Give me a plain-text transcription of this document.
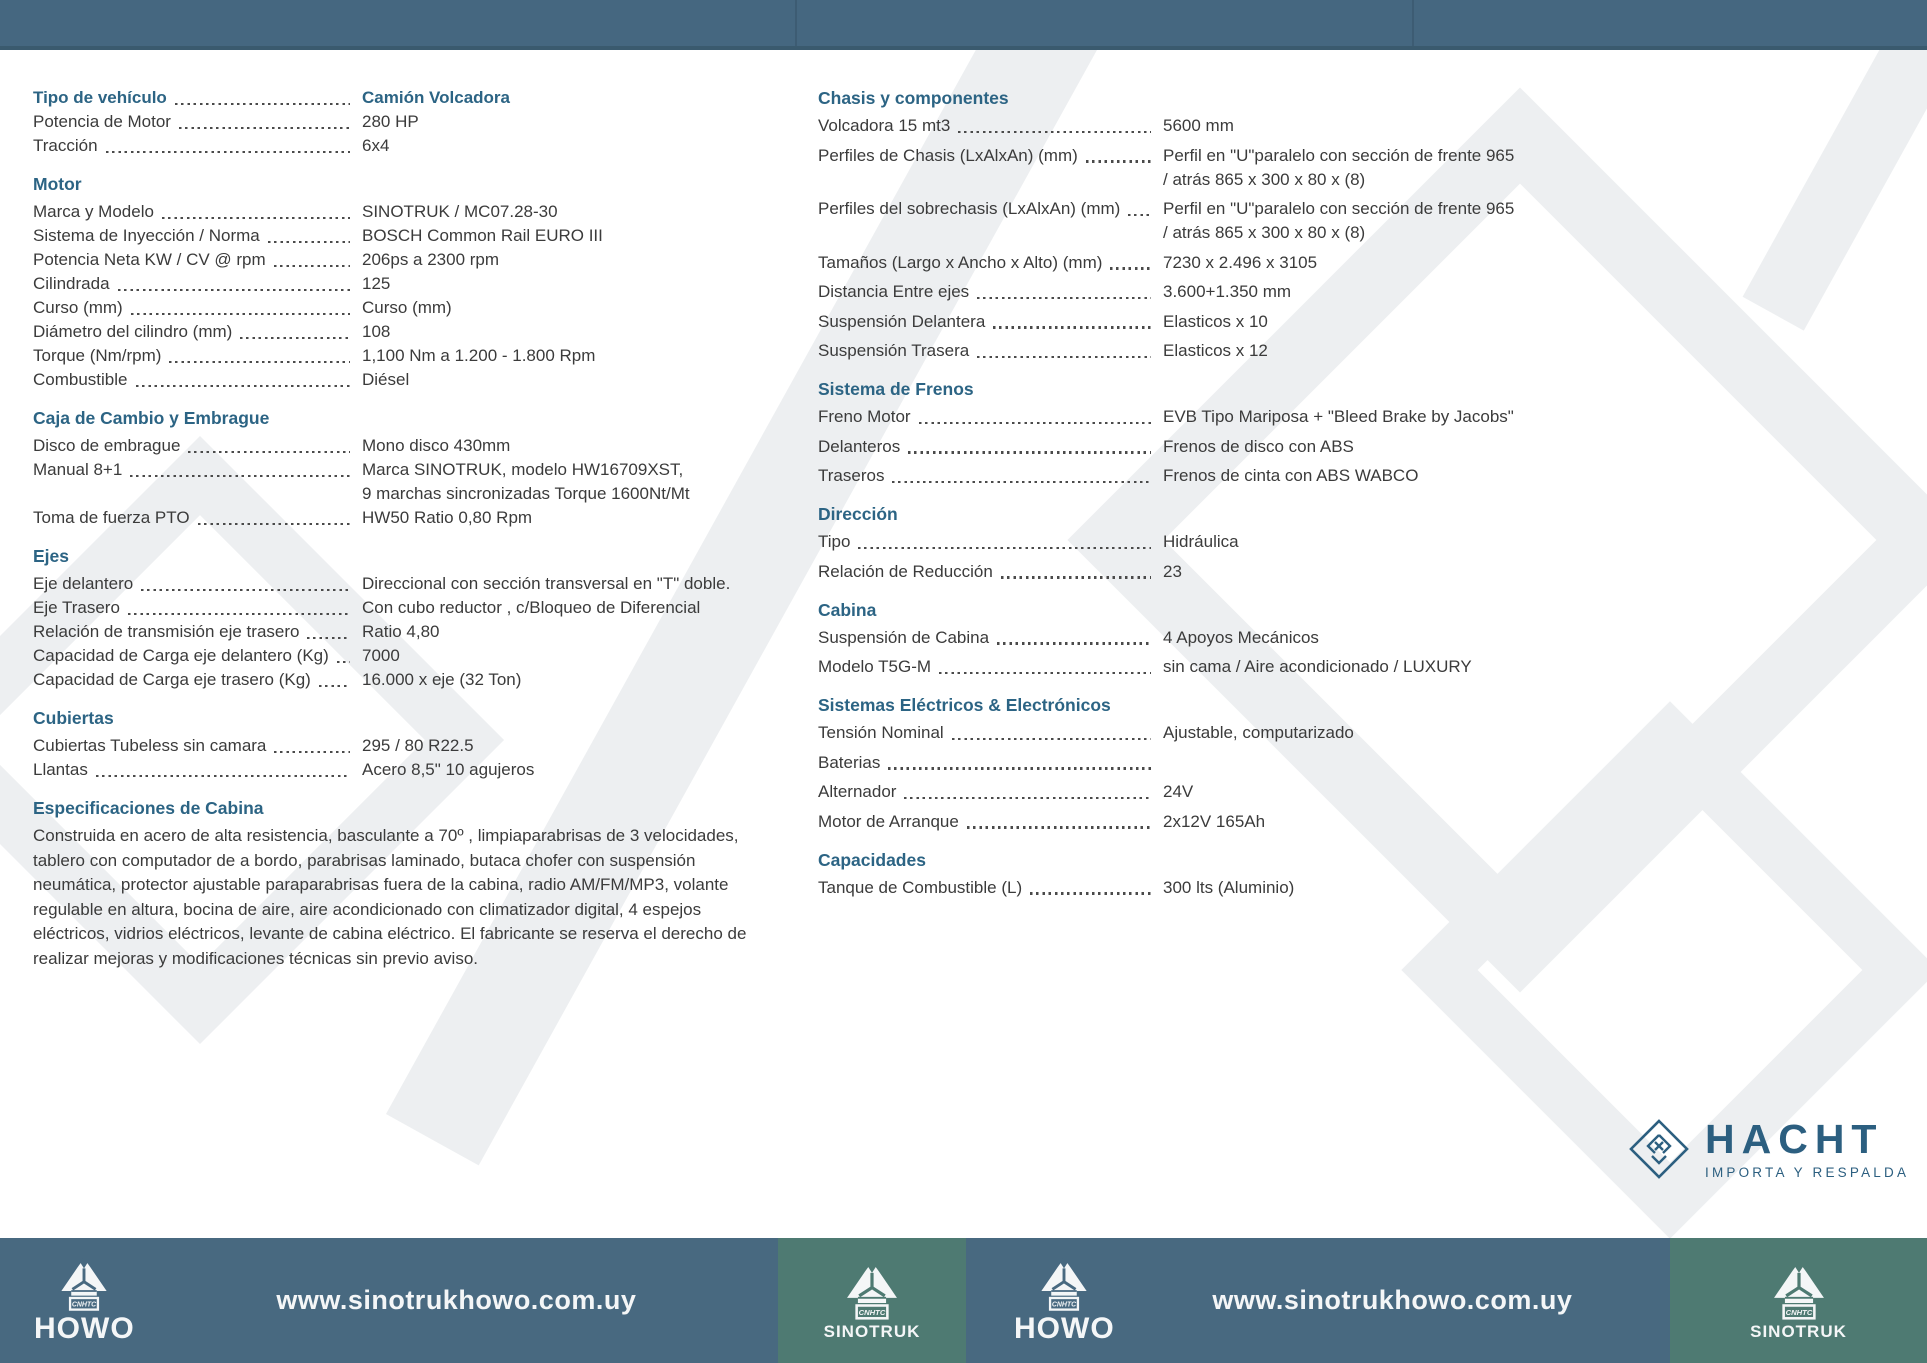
Tipo de vehículo	Camión Volcadora
Potencia de Motor	280 HP
Tracción	6x4
Motor
Marca y Modelo	SINOTRUK / MC07.28-30
Sistema de Inyección / Norma	BOSCH Common Rail EURO III
Potencia Neta KW / CV @ rpm	206ps a 2300 rpm
Cilindrada	125
Curso (mm)	Curso (mm)
Diámetro del cilindro (mm)	108
Torque (Nm/rpm)	1,100 Nm a 1.200 - 1.800 Rpm
Combustible	Diésel
Caja de Cambio y Embrague
Disco de embrague	Mono disco 430mm
Manual 8+1	Marca SINOTRUK, modelo HW16709XST,
9 marchas sincronizadas Torque 1600Nt/Mt
Toma de fuerza PTO	HW50 Ratio 0,80 Rpm
Ejes
Eje delantero	Direccional con sección transversal en "T" doble.
Eje Trasero	Con cubo reductor , c/Bloqueo de Diferencial
Relación de transmisión eje trasero	Ratio 4,80
Capacidad de Carga eje delantero (Kg) 7000
Capacidad de Carga eje trasero (Kg)	16.000 x eje (32 Ton)
Cubiertas
Cubiertas Tubeless sin camara	295 / 80 R22.5
Llantas	Acero 8,5" 10 agujeros
Especificaciones de Cabina
Construida en acero de alta resistencia, basculante a 70º , limpiaparabrisas de 3 velocidades, tablero con computador de a bordo, parabrisas laminado, butaca chofer con suspensión neumática, protector ajustable paraparabrisas fuera de la cabina, radio AM/FM/MP3, volante regulable en altura, bocina de aire, aire acondicionado con climatizador digital, 4 espejos eléctricos, vidrios eléctricos, levante de cabina eléctrico. El fabricante se reserva el derecho de realizar mejoras y modificaciones técnicas sin previo aviso.
Chasis y componentes
Volcadora 15 mt3	5600 mm
Perfiles de Chasis (LxAlxAn) (mm)	Perfil en "U"paralelo con sección de frente 965
/ atrás 865 x 300 x 80 x (8)
Perfiles del sobrechasis (LxAlxAn) (mm)	Perfil en "U"paralelo con sección de frente 965
/ atrás 865 x 300 x 80 x (8)
Tamaños (Largo x Ancho x Alto) (mm)	7230 x 2.496 x 3105
Distancia Entre ejes	3.600+1.350 mm
Suspensión Delantera	Elasticos x 10
Suspensión Trasera	Elasticos x 12
Sistema de Frenos
Freno Motor	EVB Tipo Mariposa + "Bleed Brake by Jacobs"
Delanteros	Frenos de disco con ABS
Traseros	Frenos de cinta con ABS WABCO
Dirección
Tipo	Hidráulica
Relación de Reducción	23
Cabina
Suspensión de Cabina	4 Apoyos Mecánicos
Modelo T5G-M	sin cama / Aire acondicionado / LUXURY
Sistemas Eléctricos & Electrónicos
Tensión Nominal	Ajustable, computarizado
Baterias
Alternador	24V
Motor de Arranque	2x12V 165Ah
Capacidades
Tanque de Combustible (L)	300 lts (Aluminio)
HACHT
IMPORTA Y RESPALDA
CNHTC
HOWO
www.sinotrukhowo.com.uy	CNHTC
SINOTRUK
CNHTC
HOWO
www.sinotrukhowo.com.uy	CNHTC
SINOTRUK
